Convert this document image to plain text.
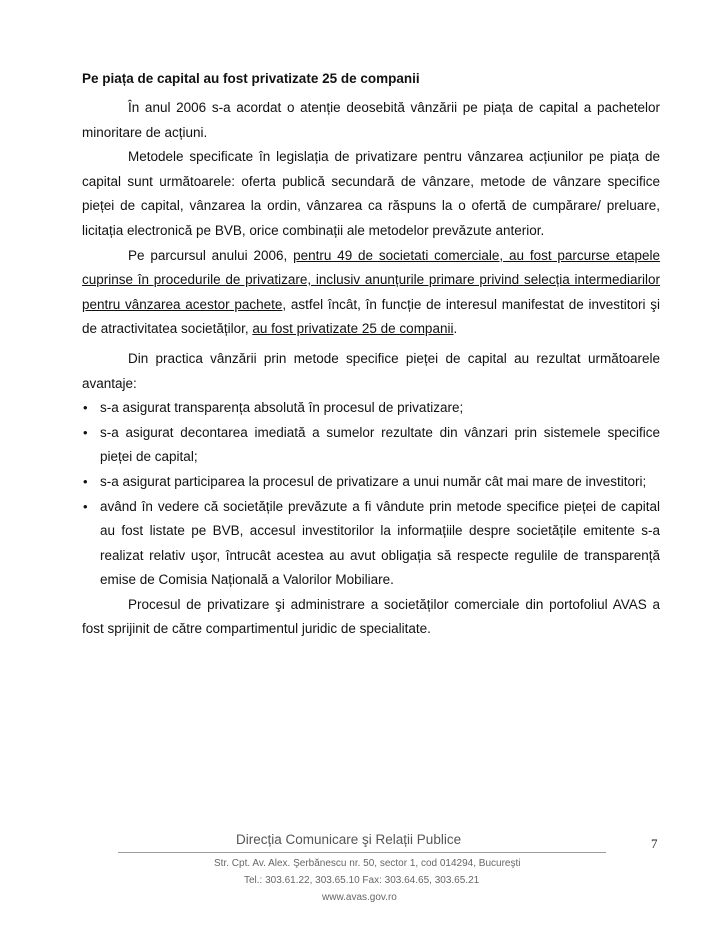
Pe piața de capital au fost privatizate 25 de companii

În anul 2006 s-a acordat o atenție deosebită vânzării pe piața de capital a pachetelor minoritare de acțiuni.

Metodele specificate în legislația de privatizare pentru vânzarea acțiunilor pe piața de capital sunt următoarele: oferta publică secundară de vânzare, metode de vânzare specifice pieței de capital, vânzarea la ordin, vânzarea ca răspuns la o ofertă de cumpărare/ preluare, licitația electronică pe BVB, orice combinații ale metodelor prevăzute anterior.

Pe parcursul anului 2006, pentru 49 de societati comerciale, au fost parcurse etapele cuprinse în procedurile de privatizare, inclusiv anunțurile primare privind selecția intermediarilor pentru vânzarea acestor pachete, astfel încât, în funcție de interesul manifestat de investitori şi de atractivitatea societăților, au fost privatizate 25 de companii.

Din practica vânzării prin metode specifice pieței de capital au rezultat următoarele avantaje:

• s-a asigurat transparența absolută în procesul de privatizare;
• s-a asigurat decontarea imediată a sumelor rezultate din vânzari prin sistemele specifice pieței de capital;
• s-a asigurat participarea la procesul de privatizare a unui număr cât mai mare de investitori;
• având în vedere că societățile prevăzute a fi vândute prin metode specifice pieței de capital au fost listate pe BVB, accesul investitorilor la informațiile despre societățile emitente s-a realizat relativ uşor, întrucât acestea au avut obligația să respecte regulile de transparență emise de Comisia Națională a Valorilor Mobiliare.

Procesul de privatizare şi administrare a societăților comerciale din portofoliul AVAS a fost sprijinit de către compartimentul juridic de specialitate.

Direcția Comunicare şi Relații Publice
Str. Cpt. Av. Alex. Şerbănescu nr. 50, sector 1, cod 014294, Bucureşti
Tel.: 303.61.22, 303.65.10 Fax: 303.64.65, 303.65.21
www.avas.gov.ro
7
